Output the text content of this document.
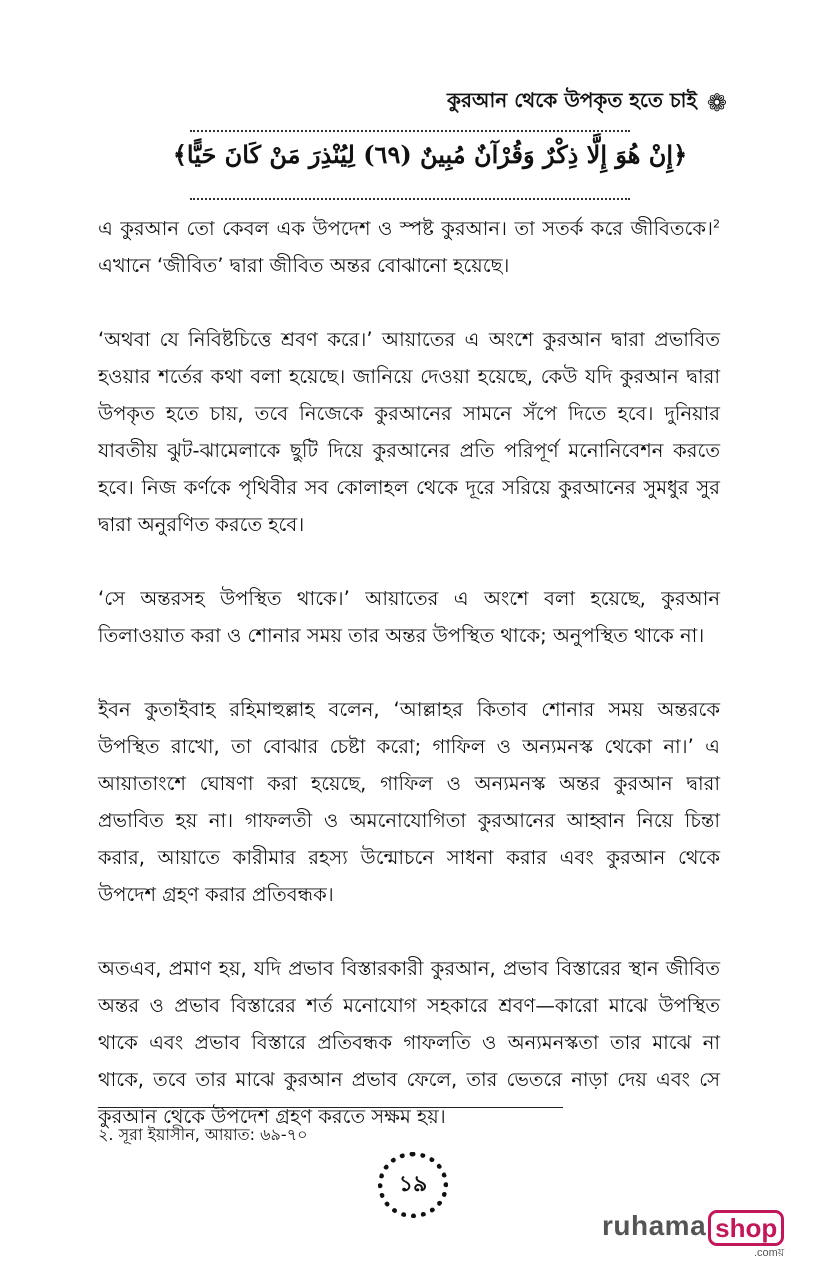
কুরআন থেকে উপকৃত হতে চাই ❁
﴿إِنْ هُوَ إِلَّا ذِكْرٌ وَقُرْآنٌ مُبِينٌ (٦٩) لِيُنْذِرَ مَنْ كَانَ حَيًّا﴾

এ কুরআন তো কেবল এক উপদেশ ও স্পষ্ট কুরআন। তা সতর্ক করে জীবিতকে।$^2$ এখানে ‘জীবিত’ দ্বারা জীবিত অন্তর বোঝানো হয়েছে।

‘অথবা যে নিবিষ্টচিত্তে শ্রবণ করে।’ আয়াতের এ অংশে কুরআন দ্বারা প্রভাবিত হওয়ার শর্তের কথা বলা হয়েছে। জানিয়ে দেওয়া হয়েছে, কেউ যদি কুরআন দ্বারা উপকৃত হতে চায়, তবে নিজেকে কুরআনের সামনে সঁপে দিতে হবে। দুনিয়ার যাবতীয় ঝুট-ঝামেলাকে ছুটি দিয়ে কুরআনের প্রতি পরিপূর্ণ মনোনিবেশন করতে হবে। নিজ কর্ণকে পৃথিবীর সব কোলাহল থেকে দূরে সরিয়ে কুরআনের সুমধুর সুর দ্বারা অনুরণিত করতে হবে।

‘সে অন্তরসহ উপস্থিত থাকে।’ আয়াতের এ অংশে বলা হয়েছে, কুরআন তিলাওয়াত করা ও শোনার সময় তার অন্তর উপস্থিত থাকে; অনুপস্থিত থাকে না।

ইবন কুতাইবাহ রহিমাহুল্লাহ বলেন, ‘আল্লাহর কিতাব শোনার সময় অন্তরকে উপস্থিত রাখো, তা বোঝার চেষ্টা করো; গাফিল ও অন্যমনস্ক থেকো না।’ এ আয়াতাংশে ঘোষণা করা হয়েছে, গাফিল ও অন্যমনস্ক অন্তর কুরআন দ্বারা প্রভাবিত হয় না। গাফলতী ও অমনোযোগিতা কুরআনের আহ্বান নিয়ে চিন্তা করার, আয়াতে কারীমার রহস্য উন্মোচনে সাধনা করার এবং কুরআন থেকে উপদেশ গ্রহণ করার প্রতিবন্ধক।

অতএব, প্রমাণ হয়, যদি প্রভাব বিস্তারকারী কুরআন, প্রভাব বিস্তারের স্থান জীবিত অন্তর ও প্রভাব বিস্তারের শর্ত মনোযোগ সহকারে শ্রবণ—কারো মাঝে উপস্থিত থাকে এবং প্রভাব বিস্তারে প্রতিবন্ধক গাফলতি ও অন্যমনস্কতা তার মাঝে না থাকে, তবে তার মাঝে কুরআন প্রভাব ফেলে, তার ভেতরে নাড়া দেয় এবং সে কুরআন থেকে উপদেশ গ্রহণ করতে সক্ষম হয়।

২. সূরা ইয়াসীন, আয়াত: ৬৯-৭০
১৯
ruhama shop
.comয়
